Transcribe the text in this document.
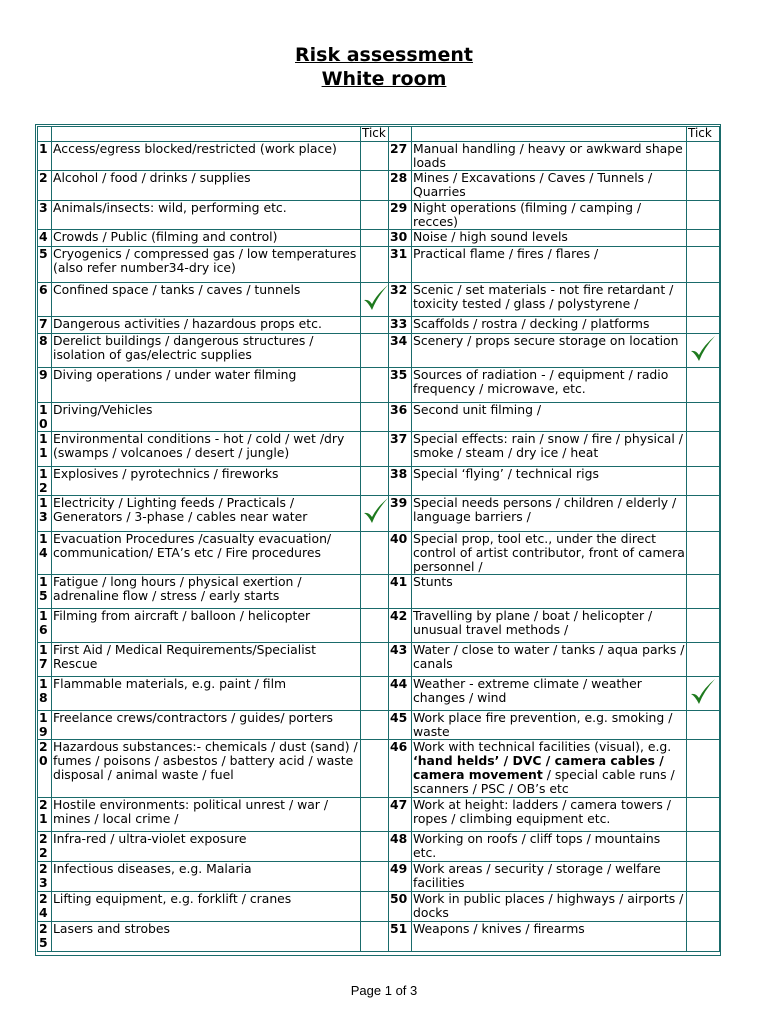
Risk assessment
White room
		Tick			Tick
1	Access/egress blocked/restricted (work place)		27	Manual handling / heavy or awkward shape loads	
2	Alcohol / food / drinks / supplies		28	Mines / Excavations / Caves / Tunnels / Quarries	
3	Animals/insects: wild, performing etc.		29	Night operations (filming / camping / recces)	
4	Crowds / Public (filming and control)		30	Noise / high sound levels	
5	Cryogenics / compressed gas / low temperatures (also refer number34-dry ice)		31	Practical flame / fires / flares /	
6	Confined space / tanks / caves / tunnels		32	Scenic / set materials - not fire retardant / toxicity tested / glass / polystyrene /	
7	Dangerous activities / hazardous props etc.		33	Scaffolds / rostra / decking / platforms	
8	Derelict buildings / dangerous structures / isolation of gas/electric supplies		34	Scenery / props secure storage on location	

9	Diving operations / under water filming		35	Sources of radiation - / equipment / radio frequency / microwave, etc.	
10	Driving/Vehicles		36	Second unit filming /	
11	Environmental conditions - hot / cold / wet /dry (swamps / volcanoes / desert / jungle)		37	Special effects: rain / snow / fire / physical / smoke / steam / dry ice / heat	
12	Explosives / pyrotechnics / fireworks		38	Special ‘flying’ / technical rigs	
13	Electricity / Lighting feeds / Practicals / Generators / 3-phase / cables near water		39	Special needs persons / children / elderly / language barriers /	
14	Evacuation Procedures /casualty evacuation/ communication/ ETA’s etc / Fire procedures		40	Special prop, tool etc., under the direct control of artist contributor, front of camera personnel /	
15	Fatigue / long hours / physical exertion / adrenaline flow / stress / early starts		41	Stunts	
16	Filming from aircraft / balloon / helicopter		42	Travelling by plane / boat / helicopter / unusual travel methods /	
17	First Aid / Medical Requirements/Specialist Rescue		43	Water / close to water / tanks / aqua parks / canals	
18	Flammable materials, e.g. paint / film		44	Weather - extreme climate / weather changes / wind	

19	Freelance crews/contractors / guides/ porters		45	Work place fire prevention, e.g. smoking / waste	
20	Hazardous substances:- chemicals / dust (sand) / fumes / poisons / asbestos / battery acid / waste disposal / animal waste / fuel		46	Work with technical facilities (visual), e.g. ‘hand helds’ / DVC / camera cables / camera movement / special cable runs / scanners / PSC / OB’s etc	
21	Hostile environments: political unrest / war / mines / local crime /		47	Work at height: ladders / camera towers / ropes / climbing equipment etc.	
22	Infra-red / ultra-violet exposure		48	Working on roofs / cliff tops / mountains etc.	
23	Infectious diseases, e.g. Malaria		49	Work areas / security / storage / welfare facilities	
24	Lifting equipment, e.g. forklift / cranes		50	Work in public places / highways / airports / docks	
25	Lasers and strobes		51	Weapons / knives / firearms	
Page 1 of 3
